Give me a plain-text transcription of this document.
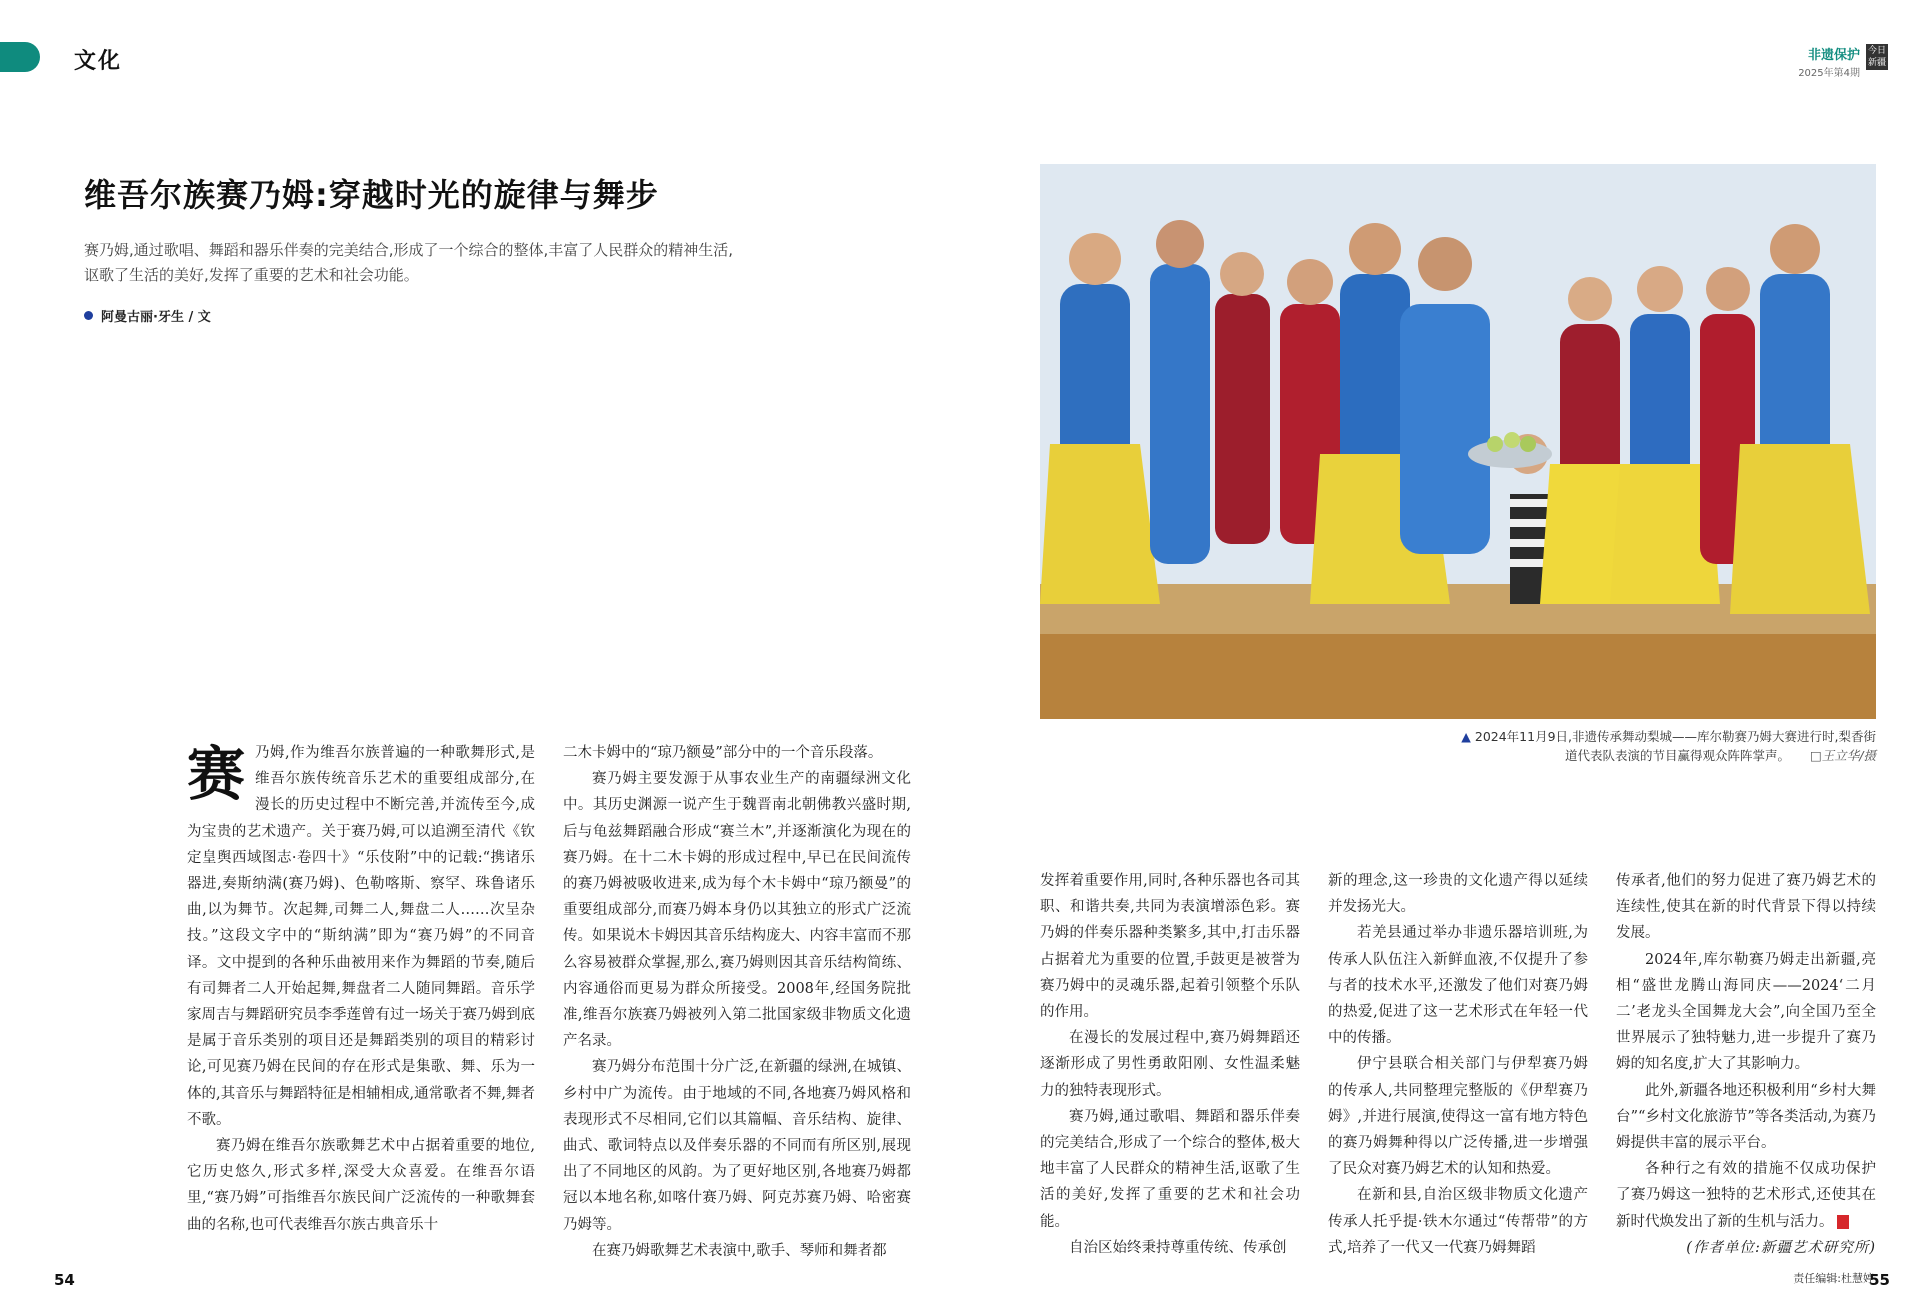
文化	非遗保护
2025年第4期
今日新疆
维吾尔族赛乃姆:穿越时光的旋律与舞步

赛乃姆,通过歌唱、舞蹈和器乐伴奏的完美结合,形成了一个综合的整体,丰富了人民群众的精神生活,讴歌了生活的美好,发挥了重要的艺术和社会功能。

阿曼古丽·牙生 / 文
▲ 2024年11月9日,非遗传承舞动梨城——库尔勒赛乃姆大赛进行时,梨香街道代表队表演的节目赢得观众阵阵掌声。 □王立华/摄

赛乃姆,作为维吾尔族普遍的一种歌舞形式,是维吾尔族传统音乐艺术的重要组成部分,在漫长的历史过程中不断完善,并流传至今,成为宝贵的艺术遗产。关于赛乃姆,可以追溯至清代《钦定皇舆西域图志·卷四十》“乐伎附”中的记载:“携诸乐器进,奏斯纳满(赛乃姆)、色勒喀斯、察罕、珠鲁诸乐曲,以为舞节。次起舞,司舞二人,舞盘二人……次呈杂技。”这段文字中的“斯纳满”即为“赛乃姆”的不同音译。文中提到的各种乐曲被用来作为舞蹈的节奏,随后有司舞者二人开始起舞,舞盘者二人随同舞蹈。音乐学家周吉与舞蹈研究员李季莲曾有过一场关于赛乃姆到底是属于音乐类别的项目还是舞蹈类别的项目的精彩讨论,可见赛乃姆在民间的存在形式是集歌、舞、乐为一体的,其音乐与舞蹈特征是相辅相成,通常歌者不舞,舞者不歌。

赛乃姆在维吾尔族歌舞艺术中占据着重要的地位,它历史悠久,形式多样,深受大众喜爱。在维吾尔语里,“赛乃姆”可指维吾尔族民间广泛流传的一种歌舞套曲的名称,也可代表维吾尔族古典音乐十

二木卡姆中的“琼乃额曼”部分中的一个音乐段落。

赛乃姆主要发源于从事农业生产的南疆绿洲文化中。其历史渊源一说产生于魏晋南北朝佛教兴盛时期,后与龟兹舞蹈融合形成“赛兰木”,并逐渐演化为现在的赛乃姆。在十二木卡姆的形成过程中,早已在民间流传的赛乃姆被吸收进来,成为每个木卡姆中“琼乃额曼”的重要组成部分,而赛乃姆本身仍以其独立的形式广泛流传。如果说木卡姆因其音乐结构庞大、内容丰富而不那么容易被群众掌握,那么,赛乃姆则因其音乐结构简练、内容通俗而更易为群众所接受。2008年,经国务院批准,维吾尔族赛乃姆被列入第二批国家级非物质文化遗产名录。

赛乃姆分布范围十分广泛,在新疆的绿洲,在城镇、乡村中广为流传。由于地域的不同,各地赛乃姆风格和表现形式不尽相同,它们以其篇幅、音乐结构、旋律、曲式、歌词特点以及伴奏乐器的不同而有所区别,展现出了不同地区的风韵。为了更好地区别,各地赛乃姆都冠以本地名称,如喀什赛乃姆、阿克苏赛乃姆、哈密赛乃姆等。

在赛乃姆歌舞艺术表演中,歌手、琴师和舞者都

发挥着重要作用,同时,各种乐器也各司其职、和谐共奏,共同为表演增添色彩。赛乃姆的伴奏乐器种类繁多,其中,打击乐器占据着尤为重要的位置,手鼓更是被誉为赛乃姆中的灵魂乐器,起着引领整个乐队的作用。

在漫长的发展过程中,赛乃姆舞蹈还逐渐形成了男性勇敢阳刚、女性温柔魅力的独特表现形式。

赛乃姆,通过歌唱、舞蹈和器乐伴奏的完美结合,形成了一个综合的整体,极大地丰富了人民群众的精神生活,讴歌了生活的美好,发挥了重要的艺术和社会功能。

自治区始终秉持尊重传统、传承创

新的理念,这一珍贵的文化遗产得以延续并发扬光大。

若羌县通过举办非遗乐器培训班,为传承人队伍注入新鲜血液,不仅提升了参与者的技术水平,还激发了他们对赛乃姆的热爱,促进了这一艺术形式在年轻一代中的传播。

伊宁县联合相关部门与伊犁赛乃姆的传承人,共同整理完整版的《伊犁赛乃姆》,并进行展演,使得这一富有地方特色的赛乃姆舞种得以广泛传播,进一步增强了民众对赛乃姆艺术的认知和热爱。

在新和县,自治区级非物质文化遗产传承人托乎提·铁木尔通过“传帮带”的方式,培养了一代又一代赛乃姆舞蹈

传承者,他们的努力促进了赛乃姆艺术的连续性,使其在新的时代背景下得以持续发展。

2024年,库尔勒赛乃姆走出新疆,亮相“盛世龙腾山海同庆——2024‘二月二’老龙头全国舞龙大会”,向全国乃至全世界展示了独特魅力,进一步提升了赛乃姆的知名度,扩大了其影响力。

此外,新疆各地还积极利用“乡村大舞台”“乡村文化旅游节”等各类活动,为赛乃姆提供丰富的展示平台。

各种行之有效的措施不仅成功保护了赛乃姆这一独特的艺术形式,还使其在新时代焕发出了新的生机与活力。

(作者单位:新疆艺术研究所)

责任编辑:杜慧婷
54	55
